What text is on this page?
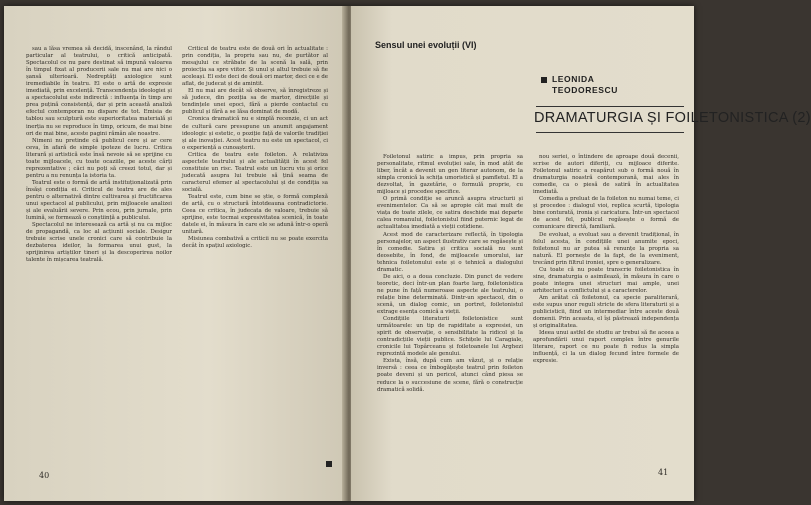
sau a lăsa vremea să decidă, inscenând, la rândul particular al teatrului, o critică anticipată. Spectacolul ce nu pare destinat să impună valoarea în timpul fixat al producerii sale nu mai are nici o șansă ulterioară. Nedreptăți axiologice sunt iremediabile în teatru. El este o artă de expresie imediată, prin excelență. Transcendența ideologiei și a spectacolului este indirectă : influența în timp are prea puțină consistență, dar și prin această analiză efectul contemporan nu dispare de tot. Emisia de tablou sau sculptură este superioritatea materială și inerția nu se reproduce în timp, oricum, de mai bine ori de mai bine, aceste pagini rămân ale noastre.

Nimeni nu pretinde că publicul cere și ar cere ceva, în afară de simple ipoteze de lucru. Critica literară și artistică este însă nevoie să se sprijine cu toate mijloacele, cu toate ocaziile, pe aceste cărți reprezentative ; căci nu poți să creezi totul, dar și pentru a nu renunța la istoria ta.

Teatrul este o formă de artă instituționalizată prin însăși condiția ei. Criticul de teatru are de ales pentru o alternativă dintre cultivarea și fructificarea unui spectacol al publicului, prin mijloacele analizei și ale evaluării severe. Prin ecou, prin jurnale, prin lumină, se formează o conștiință a publicului.

Spectacolul ne interesează ca artă și nu ca mijloc de propagandă, ca loc al acțiunii sociale. Desigur trebuie scrise unele cronici care să contribuie la dezbaterea ideilor, la formarea unui gust, la sprijinirea artiștilor tineri și la descoperirea noilor talente în mișcarea teatrală.

Criticul de teatru este de două ori în actualitate : prin condiția, la propriu sau nu, de purtător al mesajului ce străbate de la scenă la sală, prin proiecția sa spre viitor. Și unul și altul trebuie să fie aceleași. El este deci de două ori martor, deci ce e de aflat, de judecat și de amintit.

El nu mai are decât să observe, să înregistreze și să judece, din poziția sa de martor, direcțiile și tendințele unei epoci, fără a pierde contactul cu publicul și fără a se lăsa dominat de modă.

Cronica dramatică nu e simplă recenzie, ci un act de cultură care presupune un anumit angajament ideologic și estetic, o poziție față de valorile tradiției și ale inovației. Acest teatru nu este un spectacol, ci o experiență a cunoașterii.

Critica de teatru este foileton. A relativiza aspectele teatrului și ale actualității în acest fel constituie un risc. Teatrul este un lucru viu și orice judecată asupra lui trebuie să țină seama de caracterul efemer al spectacolului și de condiția sa socială.

Teatrul este, cum bine se știe, o formă complexă de artă, cu o structură întotdeauna contradictorie. Ceea ce critica, în judecata de valoare, trebuie să sprijine, este tocmai expresivitatea scenică, în toate datele ei, în măsura în care ele se adună într-o operă unitară.

Misiunea combativă a criticii nu se poate exercita decât în spațiul axiologic.

40
Sensul unei evoluții (VI)
LEONIDA
TEODORESCU
DRAMATURGIA ȘI FOILETONISTICA (2)

Foiletonul satiric a impus, prin propria sa personalitate, ritmul evoluției sale, în mod atât de liber, încât a devenit un gen literar autonom, de la simpla cronică la schița umoristică și pamfletul. El a dezvoltat, în gazetărie, o formulă proprie, cu mijloace și procedee specifice.

O primă condiție se aruncă asupra structurii și evenimentelor. Ca să se apropie cât mai mult de viața de toate zilele, ce satira deschide mai departe calea romanului, foiletonistul fiind puternic legat de actualitatea imediată a vieții cotidiene.

Acest mod de caracterizare reflectă, în tipologia personajelor, un aspect ilustrativ care se regăsește și în comedie. Satira și critica socială nu sunt deosebite, în fond, de mijloacele umorului, iar tehnica foiletonului este și o tehnică a dialogului dramatic.

De aici, o a doua concluzie. Din punct de vedere teoretic, deci într-un plan foarte larg, foiletonistica ne pune în față numeroase aspecte ale teatrului, o relație bine determinată. Dintr-un spectacol, din o scenă, un dialog comic, un portret, foiletonistul extrage esența comică a vieții.

Condițiile literaturii foiletonistice sunt următoarele: un tip de rapiditate a expresiei, un spirit de observație, o sensibilitate la ridicol și la contradicțiile vieții publice. Schițele lui Caragiale, cronicile lui Topârceanu și foiletoanele lui Arghezi reprezintă modele ale genului.

Exista, însă, după cum am văzut, și o relație inversă : ceea ce îmbogățește teatrul prin foileton poate deveni și un pericol, atunci când piesa se reduce la o succesiune de scene, fără o construcție dramatică solidă.

nou seriei, o întindere de aproape două decenii, scrise de autori diferiți, cu mijloace diferite. Foiletonul satiric a reapărut sub o formă nouă în dramaturgia noastră contemporană, mai ales în comedie, ca o piesă de satiră în actualitatea imediată.

Comedia a preluat de la foileton nu numai teme, ci și procedee : dialogul vioi, replica scurtă, tipologia bine conturată, ironia și caricatura. Într-un spectacol de acest fel, publicul regăsește o formă de comunicare directă, familiară.

De evoluat, a evoluat sau a devenit tradițional, în felul acesta, în condițiile unei anumite epoci, foiletonul nu ar putea să renunțe la propria sa natură. El pornește de la fapt, de la eveniment, trecând prin filtrul ironiei, spre o generalizare.

Cu toate că nu poate transcrie foiletonistica în sine, dramaturgia o asimilează, în măsura în care o poate integra unei structuri mai ample, unei arhitecturi a conflictului și a caracterelor.

Am arătat că foiletonul, ca specie paraliterară, este supus unor reguli stricte de sfera literaturii și a publicisticii, fiind un intermediar între aceste două domenii. Prin aceasta, el își păstrează independența și originalitatea.

Ideea unui astfel de studiu ar trebui să fie aceea a aprofundării unui raport complex între genurile literare, raport ce nu poate fi redus la simpla influență, ci la un dialog fecund între formele de expresie.

41
